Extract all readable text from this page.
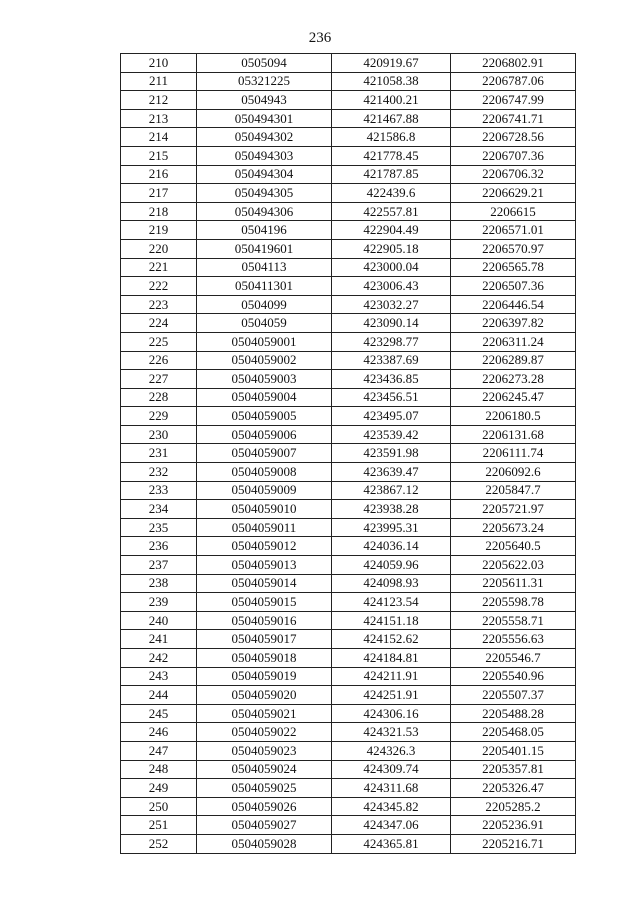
236
210	0505094	420919.67	2206802.91
211	05321225	421058.38	2206787.06
212	0504943	421400.21	2206747.99
213	050494301	421467.88	2206741.71
214	050494302	421586.8	2206728.56
215	050494303	421778.45	2206707.36
216	050494304	421787.85	2206706.32
217	050494305	422439.6	2206629.21
218	050494306	422557.81	2206615
219	0504196	422904.49	2206571.01
220	050419601	422905.18	2206570.97
221	0504113	423000.04	2206565.78
222	050411301	423006.43	2206507.36
223	0504099	423032.27	2206446.54
224	0504059	423090.14	2206397.82
225	0504059001	423298.77	2206311.24
226	0504059002	423387.69	2206289.87
227	0504059003	423436.85	2206273.28
228	0504059004	423456.51	2206245.47
229	0504059005	423495.07	2206180.5
230	0504059006	423539.42	2206131.68
231	0504059007	423591.98	2206111.74
232	0504059008	423639.47	2206092.6
233	0504059009	423867.12	2205847.7
234	0504059010	423938.28	2205721.97
235	0504059011	423995.31	2205673.24
236	0504059012	424036.14	2205640.5
237	0504059013	424059.96	2205622.03
238	0504059014	424098.93	2205611.31
239	0504059015	424123.54	2205598.78
240	0504059016	424151.18	2205558.71
241	0504059017	424152.62	2205556.63
242	0504059018	424184.81	2205546.7
243	0504059019	424211.91	2205540.96
244	0504059020	424251.91	2205507.37
245	0504059021	424306.16	2205488.28
246	0504059022	424321.53	2205468.05
247	0504059023	424326.3	2205401.15
248	0504059024	424309.74	2205357.81
249	0504059025	424311.68	2205326.47
250	0504059026	424345.82	2205285.2
251	0504059027	424347.06	2205236.91
252	0504059028	424365.81	2205216.71
